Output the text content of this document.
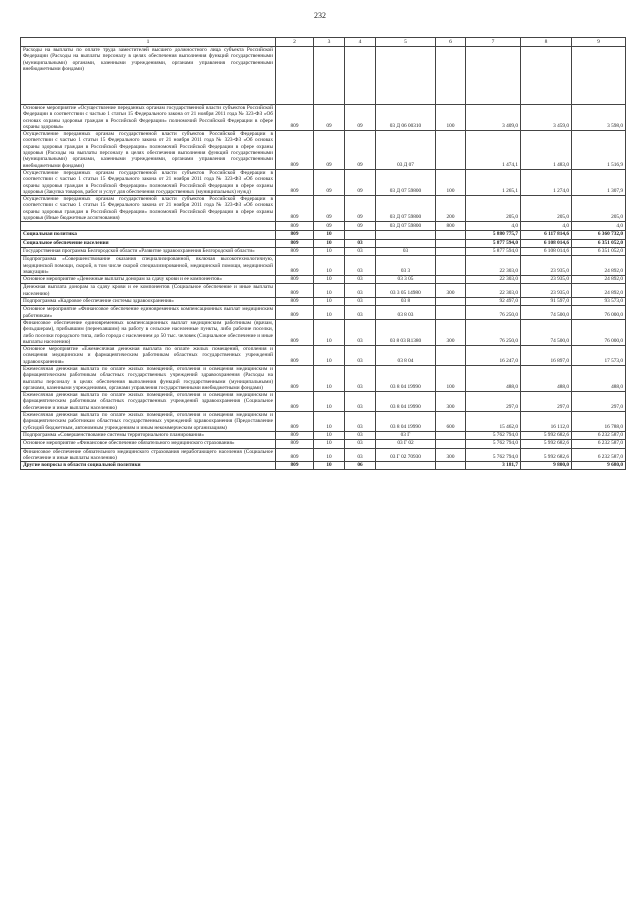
232
1	2	3	4	5	6	7	8	9
Расходы на выплаты по оплате труда заместителей высшего должностного лица субъекта Российской Федерации (Расходы на выплаты персоналу в целях обеспечения выполнения функций государственными (муниципальными) органами, казенными учреждениями, органами управления государственными внебюджетными фондами)								
Основное мероприятие «Осуществление переданных органам государственной власти субъектов Российской Федерации в соответствии с частью 1 статьи 15 Федерального закона от 21 ноября 2011 года № 323-ФЗ «Об основах охраны здоровья граждан в Российской Федерации» полномочий Российской Федерации в сфере охраны здоровья»	809	09	09	03 Д 06 00310	100	3 409,0	3 459,0	3 598,0
Осуществление переданных органам государственной власти субъектов Российской Федерации в соответствии с частью 1 статьи 15 Федерального закона от 21 ноября 2011 года № 323-ФЗ «Об основах охраны здоровья граждан в Российской Федерации» полномочий Российской Федерации в сфере охраны здоровья (Расходы на выплаты персоналу в целях обеспечения выполнения функций государственными (муниципальными) органами, казенными учреждениями, органами управления государственными внебюджетными фондами)	809	09	09	03 Д 07		1 474,1	1 483,0	1 516,9
Осуществление переданных органам государственной власти субъектов Российской Федерации в соответствии с частью 1 статьи 15 Федерального закона от 21 ноября 2011 года № 323-ФЗ «Об основах охраны здоровья граждан в Российской Федерации» полномочий Российской Федерации в сфере охраны здоровья (Закупка товаров, работ и услуг для обеспечения государственных (муниципальных) нужд)	809	09	09	03 Д 07 59800	100	1 265,1	1 274,0	1 307,9
Осуществление переданных органам государственной власти субъектов Российской Федерации в соответствии с частью 1 статьи 15 Федерального закона от 21 ноября 2011 года № 323-ФЗ «Об основах охраны здоровья граждан в Российской Федерации» полномочий Российской Федерации в сфере охраны здоровья (Иные бюджетные ассигнования)	809	09	09	03 Д 07 59800	200	205,0	205,0	205,0
	809	09	09	03 Д 07 59800	800	4,0	4,0	4,0
Социальная политика	809	10				5 880 775,7	6 117 814,6	6 360 732,0
Социальное обеспечение населения	809	10	03			5 877 594,0	6 108 014,6	6 351 052,0
Государственная программа Белгородской области «Развитие здравоохранения Белгородской области»	809	10	03	03		5 877 594,0	6 108 014,6	6 351 052,0
Подпрограмма «Совершенствование оказания специализированной, включая высокотехнологичную, медицинской помощи, скорой, в том числе скорой специализированной, медицинской помощи, медицинской эвакуации»	809	10	03	03 3		22 303,0	23 935,0	24 892,0
Основное мероприятие «Денежные выплаты донорам за сдачу крови и ее компонентов»	809	10	03	03 3 05		22 303,0	23 935,0	24 892,0
Денежная выплата донорам за сдачу крови и ее компонентов (Социальное обеспечение и иные выплаты населению)	809	10	03	03 3 05 14980	300	22 303,0	23 935,0	24 892,0
Подпрограмма «Кадровое обеспечение системы здравоохранения»	809	10	03	03 8		92 497,0	91 597,0	93 573,0
Основное мероприятие «Финансовое обеспечение единовременных компенсационных выплат медицинским работникам»	809	10	03	03 8 03		76 250,0	74 500,0	76 000,0
Финансовое обеспечение единовременных компенсационных выплат медицинским работникам (врачам, фельдшерам), прибывшим (переехавшим) на работу в сельские населенные пункты, либо рабочие поселки, либо поселки городского типа, либо города с населением до 50 тыс. человек (Социальное обеспечение и иные выплаты населению)	809	10	03	03 8 03 R1380	300	76 250,0	74 500,0	76 000,0
Основное мероприятие «Ежемесячная денежная выплата по оплате жилых помещений, отопления и освещения медицинским и фармацевтическим работникам областных государственных учреждений здравоохранения»	809	10	03	03 8 04		16 247,0	16 897,0	17 573,0
Ежемесячная денежная выплата по оплате жилых помещений, отопления и освещения медицинским и фармацевтическим работникам областных государственных учреждений здравоохранения (Расходы на выплаты персоналу в целях обеспечения выполнения функций государственными (муниципальными) органами, казенными учреждениями, органами управления государственными внебюджетными фондами)	809	10	03	03 8 04 19990	100	488,0	488,0	488,0
Ежемесячная денежная выплата по оплате жилых помещений, отопления и освещения медицинским и фармацевтическим работникам областных государственных учреждений здравоохранения (Социальное обеспечение и иные выплаты населению)	809	10	03	03 8 04 19990	300	297,0	297,0	297,0
Ежемесячная денежная выплата по оплате жилых помещений, отопления и освещения медицинским и фармацевтическим работникам областных государственных учреждений здравоохранения (Предоставление субсидий бюджетным, автономным учреждениям и иным некоммерческим организациям)	809	10	03	03 8 04 19990	600	15 462,0	16 112,0	16 788,0
Подпрограмма «Совершенствование системы территориального планирования»	809	10	03	03 Г		5 762 794,0	5 992 682,6	6 232 587,0
Основное мероприятие «Финансовое обеспечение обязательного медицинского страхования»	809	10	03	03 Г 02		5 762 794,0	5 992 682,6	6 232 587,0
Финансовое обеспечение обязательного медицинского страхования неработающего населения (Социальное обеспечение и иные выплаты населению)	809	10	03	03 Г 02 70930	300	5 762 794,0	5 992 682,6	6 232 587,0
Другие вопросы в области социальной политики	809	10	06			3 181,7	9 800,0	9 680,0
